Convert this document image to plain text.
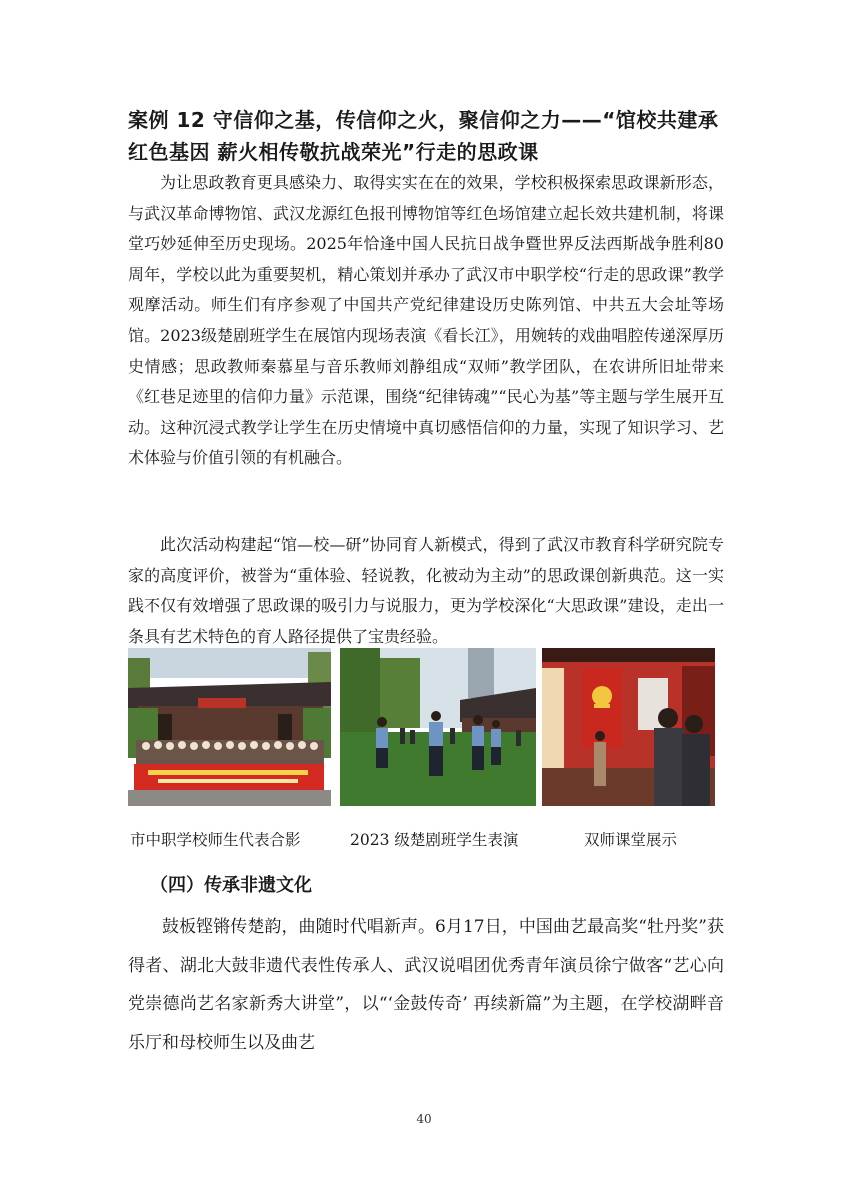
案例 12 守信仰之基，传信仰之火，聚信仰之力——“馆校共建承红色基因 薪火相传敬抗战荣光”行走的思政课

为让思政教育更具感染力、取得实实在在的效果，学校积极探索思政课新形态，与武汉革命博物馆、武汉龙源红色报刊博物馆等红色场馆建立起长效共建机制，将课堂巧妙延伸至历史现场。2025年恰逢中国人民抗日战争暨世界反法西斯战争胜利80周年，学校以此为重要契机，精心策划并承办了武汉市中职学校“行走的思政课”教学观摩活动。师生们有序参观了中国共产党纪律建设历史陈列馆、中共五大会址等场馆。2023级楚剧班学生在展馆内现场表演《看长江》，用婉转的戏曲唱腔传递深厚历史情感；思政教师秦慕星与音乐教师刘静组成“双师”教学团队，在农讲所旧址带来《红巷足迹里的信仰力量》示范课，围绕“纪律铸魂”“民心为基”等主题与学生展开互动。这种沉浸式教学让学生在历史情境中真切感悟信仰的力量，实现了知识学习、艺术体验与价值引领的有机融合。

此次活动构建起“馆—校—研”协同育人新模式，得到了武汉市教育科学研究院专家的高度评价，被誉为“重体验、轻说教，化被动为主动”的思政课创新典范。这一实践不仅有效增强了思政课的吸引力与说服力，更为学校深化“大思政课”建设，走出一条具有艺术特色的育人路径提供了宝贵经验。

市中职学校师生代表合影	2023 级楚剧班学生表演	双师课堂展示

（四）传承非遗文化

鼓板铿锵传楚韵，曲随时代唱新声。6月17日，中国曲艺最高奖“牡丹奖”获得者、湖北大鼓非遗代表性传承人、武汉说唱团优秀青年演员徐宁做客“艺心向党崇德尚艺名家新秀大讲堂”，以“‘金鼓传奇’ 再续新篇”为主题，在学校湖畔音乐厅和母校师生以及曲艺

40
